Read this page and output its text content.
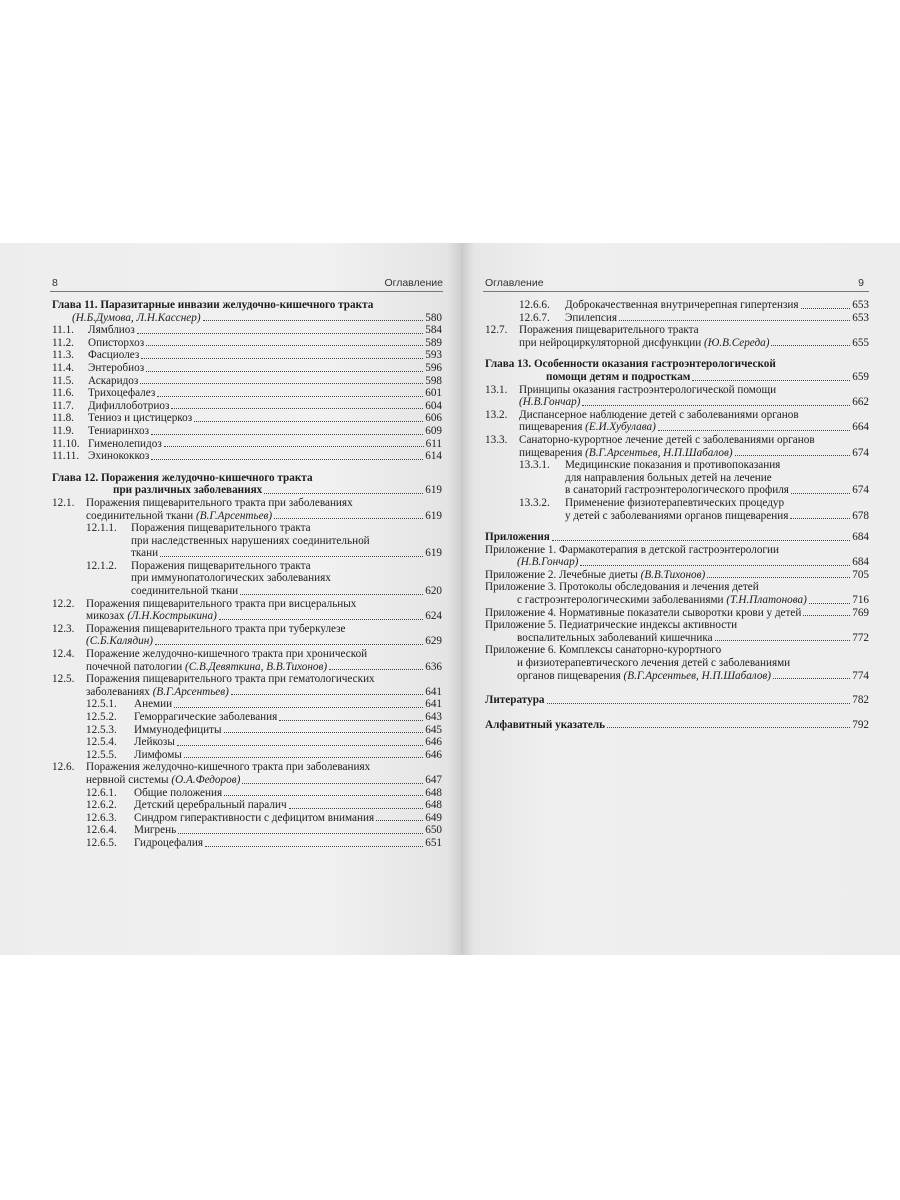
8	Оглавление
Глава 11. Паразитарные инвазии желудочно-кишечного тракта
(Н.Б.Думова, Л.Н.Касснер)	580
11.1.	Лямблиоз	584
11.2.	Описторхоз	589
11.3.	Фасциолез	593
11.4.	Энтеробиоз	596
11.5.	Аскаридоз	598
11.6.	Трихоцефалез	601
11.7.	Дифиллоботриоз	604
11.8.	Тениоз и цистицеркоз	606
11.9.	Тениаринхоз	609
11.10. Гименолепидоз	611
11.11. Эхинококкоз	614
Глава 12. Поражения желудочно-кишечного тракта
при различных заболеваниях	619
12.1.	Поражения пищеварительного тракта при заболеваниях
соединительной ткани
(В.Г.Арсентьев)	619
12.1.1.	Поражения пищеварительного тракта
при наследственных нарушениях соединительной
ткани	619
12.1.2.	Поражения пищеварительного тракта
при иммунопатологических заболеваниях
соединительной ткани	620
12.2.	Поражения пищеварительного тракта при висцеральных
микозах
(Л.Н.Кострыкина)	624
12.3.	Поражения пищеварительного тракта при туберкулезе
(С.Б.Калядин)	629
12.4.	Поражение желудочно-кишечного тракта при хронической
почечной патологии
(С.В.Девяткина, В.В.Тихонов)	636
12.5.	Поражения пищеварительного тракта при гематологических
заболеваниях
(В.Г.Арсентьев)	641
12.5.1.	Анемии	641
12.5.2.	Геморрагические заболевания	643
12.5.3.	Иммунодефициты	645
12.5.4.	Лейкозы	646
12.5.5.	Лимфомы	646
12.6.	Поражения желудочно-кишечного тракта при заболеваниях
нервной системы
(О.А.Федоров)	647
12.6.1.	Общие положения	648
12.6.2.	Детский церебральный паралич	648
12.6.3.	Синдром гиперактивности с дефицитом внимания	649
12.6.4.	Мигрень	650
12.6.5.	Гидроцефалия	651
Оглавление	9
12.6.6.	Доброкачественная внутричерепная гипертензия	653
12.6.7.	Эпилепсия	653
12.7.	Поражения пищеварительного тракта
при нейроциркуляторной дисфункции
(Ю.В.Середа)	655
Глава 13. Особенности оказания гастроэнтерологической
помощи детям и подросткам	659
13.1.	Принципы оказания гастроэнтерологической помощи
(Н.В.Гончар)	662
13.2.	Диспансерное наблюдение детей с заболеваниями органов
пищеварения
(Е.И.Хубулава)	664
13.3.	Санаторно-курортное лечение детей с заболеваниями органов
пищеварения
(В.Г.Арсентьев, Н.П.Шабалов)	674
13.3.1.	Медицинские показания и противопоказания
для направления больных детей на лечение
в санаторий гастроэнтерологического профиля	674
13.3.2.	Применение физиотерапевтических процедур
у детей с заболеваниями органов пищеварения	678
Приложения	684
Приложение 1. Фармакотерапия в детской гастроэнтерологии
(Н.В.Гончар)	684
Приложение 2. Лечебные диеты
(В.В.Тихонов)	705
Приложение 3. Протоколы обследования и лечения детей
с гастроэнтерологическими заболеваниями
(Т.Н.Платонова)	716
Приложение 4. Нормативные показатели сыворотки крови у детей	769
Приложение 5. Педиатрические индексы активности
воспалительных заболеваний кишечника	772
Приложение 6. Комплексы санаторно-курортного
и физиотерапевтического лечения детей с заболеваниями
органов пищеварения
(В.Г.Арсентьев, Н.П.Шабалов)	774
Литература	782
Алфавитный указатель	792
